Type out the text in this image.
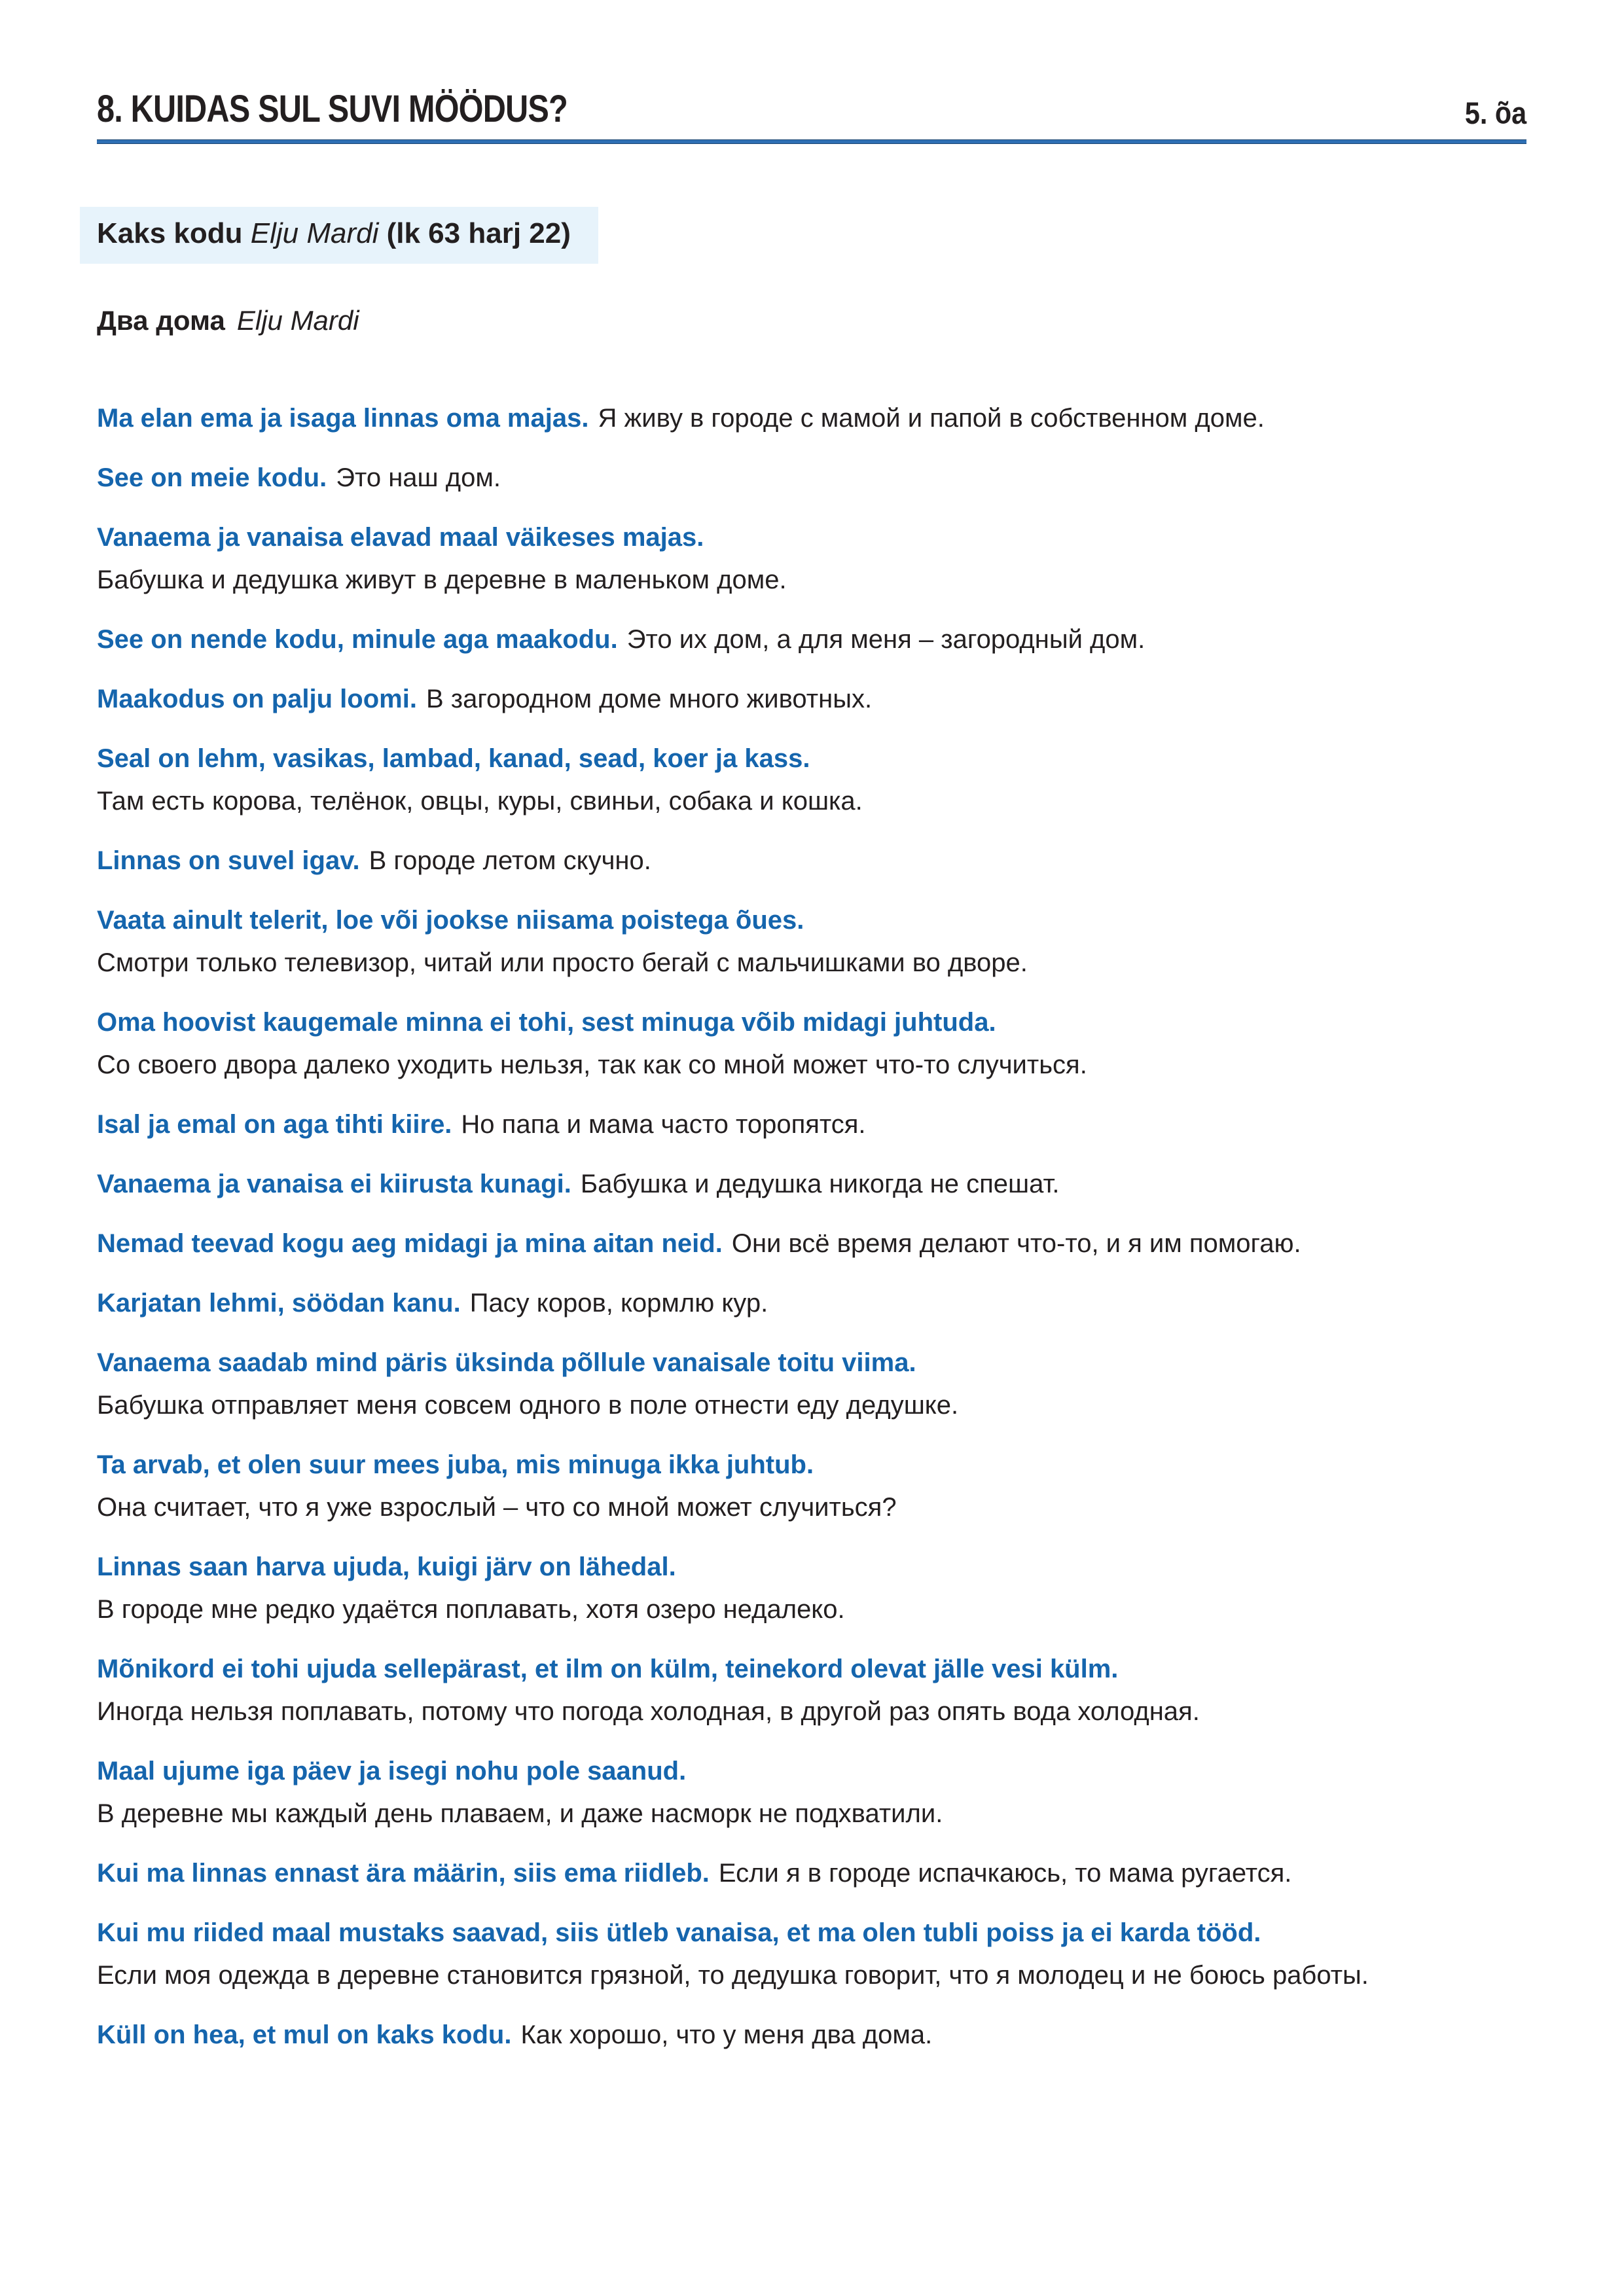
8. KUIDAS SUL SUVI MÖÖDUS?	5. õa
Kaks kodu Elju Mardi (lk 63 harj 22)
Два дома Elju Mardi

Ma elan ema ja isaga linnas oma majas. Я живу в городе с мамой и папой в собственном доме.

See on meie kodu. Это наш дом.

Vanaema ja vanaisa elavad maal väikeses majas.
Бабушка и дедушка живут в деревне в маленьком доме.

See on nende kodu, minule aga maakodu. Это их дом, а для меня – загородный дом.

Maakodus on palju loomi. В загородном доме много животных.

Seal on lehm, vasikas, lambad, kanad, sead, koer ja kass.
Там есть корова, телёнок, овцы, куры, свиньи, собака и кошка.

Linnas on suvel igav. В городе летом скучно.

Vaata ainult telerit, loe või jookse niisama poistega õues.
Смотри только телевизор, читай или просто бегай с мальчишками во дворе.

Oma hoovist kaugemale minna ei tohi, sest minuga võib midagi juhtuda.
Со своего двора далеко уходить нельзя, так как со мной может что-то случиться.

Isal ja emal on aga tihti kiire. Но папа и мама часто торопятся.

Vanaema ja vanaisa ei kiirusta kunagi. Бабушка и дедушка никогда не спешат.

Nemad teevad kogu aeg midagi ja mina aitan neid. Они всё время делают что-то, и я им помогаю.

Karjatan lehmi, söödan kanu. Пасу коров, кормлю кур.

Vanaema saadab mind päris üksinda põllule vanaisale toitu viima.
Бабушка отправляет меня совсем одного в поле отнести еду дедушке.

Ta arvab, et olen suur mees juba, mis minuga ikka juhtub.
Она считает, что я уже взрослый – что со мной может случиться?

Linnas saan harva ujuda, kuigi järv on lähedal.
В городе мне редко удаётся поплавать, хотя озеро недалеко.

Mõnikord ei tohi ujuda sellepärast, et ilm on külm, teinekord olevat jälle vesi külm.
Иногда нельзя поплавать, потому что погода холодная, в другой раз опять вода холодная.

Maal ujume iga päev ja isegi nohu pole saanud.
В деревне мы каждый день плаваем, и даже насморк не подхватили.

Kui ma linnas ennast ära määrin, siis ema riidleb. Если я в городе испачкаюсь, то мама ругается.

Kui mu riided maal mustaks saavad, siis ütleb vanaisa, et ma olen tubli poiss ja ei karda tööd.
Если моя одежда в деревне становится грязной, то дедушка говорит, что я молодец и не боюсь работы.

Küll on hea, et mul on kaks kodu. Как хорошо, что у меня два дома.
